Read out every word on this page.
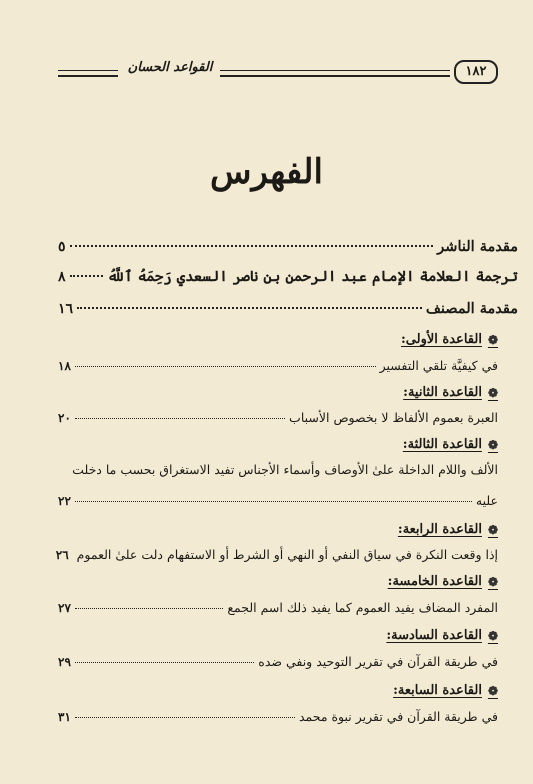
القواعد الحسان	١٨٢
الفهرس
مقدمة الناشر
٥
ترجمة العلامة الإمام عبد الرحمن بن ناصر السعدي رَحِمَهُ ٱللَّهُ
٨
مقدمة المصنف
١٦
❁
القاعدة الأولى:
في كيفيَّة تلقي التفسير
١٨
❁
القاعدة الثانية:
العبرة بعموم الألفاظ لا بخصوص الأسباب
٢٠
❁
القاعدة الثالثة:
الألف واللام الداخلة علىٰ الأوصاف وأسماء الأجناس تفيد الاستغراق بحسب ما دخلت
عليه
٢٢
❁
القاعدة الرابعة:
إذا وقعت النكرة في سياق النفي أو النهي أو الشرط أو الاستفهام دلت علىٰ العموم
٢٦
❁
القاعدة الخامسة:
المفرد المضاف يفيد العموم كما يفيد ذلك اسم الجمع
٢٧
❁
القاعدة السادسة:
في طريقة القرآن في تقرير التوحيد ونفي ضده
٢٩
❁
القاعدة السابعة:
في طريقة القرآن في تقرير نبوة محمد
٣١
